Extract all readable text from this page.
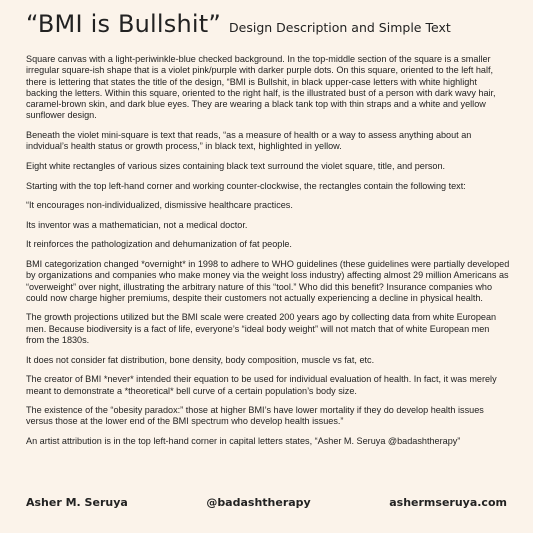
“BMI is Bullshit” Design Description and Simple Text

Square canvas with a light-periwinkle-blue checked background. In the top-middle section of the square is a smaller irregular square-ish shape that is a violet pink/purple with darker purple dots. On this square, oriented to the left half, there is lettering that states the title of the design, “BMI is Bullshit, in black upper-case letters with white highlight backing the letters. Within this square, oriented to the right half, is the illustrated bust of a person with dark wavy hair, caramel-brown skin, and dark blue eyes. They are wearing a black tank top with thin straps and a white and yellow sunflower design.

Beneath the violet mini-square is text that reads, “as a measure of health or a way to assess anything about an indvidual’s health status or growth process,” in black text, highlighted in yellow.

Eight white rectangles of various sizes containing black text surround the violet square, title, and person.

Starting with the top left-hand corner and working counter-clockwise, the rectangles contain the following text:

“It encourages non-individualized, dismissive healthcare practices.

Its inventor was a mathematician, not a medical doctor.

It reinforces the pathologization and dehumanization of fat people.

BMI categorization changed *overnight* in 1998 to adhere to WHO guidelines (these guidelines were partially developed by organizations and companies who make money via the weight loss industry) affecting almost 29 million Americans as “overweight” over night, illustrating the arbitrary nature of this “tool.” Who did this benefit? Insurance companies who could now charge higher premiums, despite their customers not actually experiencing a decline in physical health.

The growth projections utilized but the BMI scale were created 200 years ago by collecting data from white European men. Because biodiversity is a fact of life, everyone’s “ideal body weight” will not match that of white European men from the 1830s.

It does not consider fat distribution, bone density, body composition, muscle vs fat, etc.

The creator of BMI *never* intended their equation to be used for individual evaluation of health. In fact, it was merely meant to demonstrate a *theoretical* bell curve of a certain population’s body size.

The existence of the “obesity paradox:” those at higher BMI’s have lower mortality if they do develop health issues versus those at the lower end of the BMI spectrum who develop health issues.”

An artist attribution is in the top left-hand corner in capital letters states, “Asher M. Seruya @badashtherapy”

Asher M. Seruya	@badashtherapy	ashermseruya.com
